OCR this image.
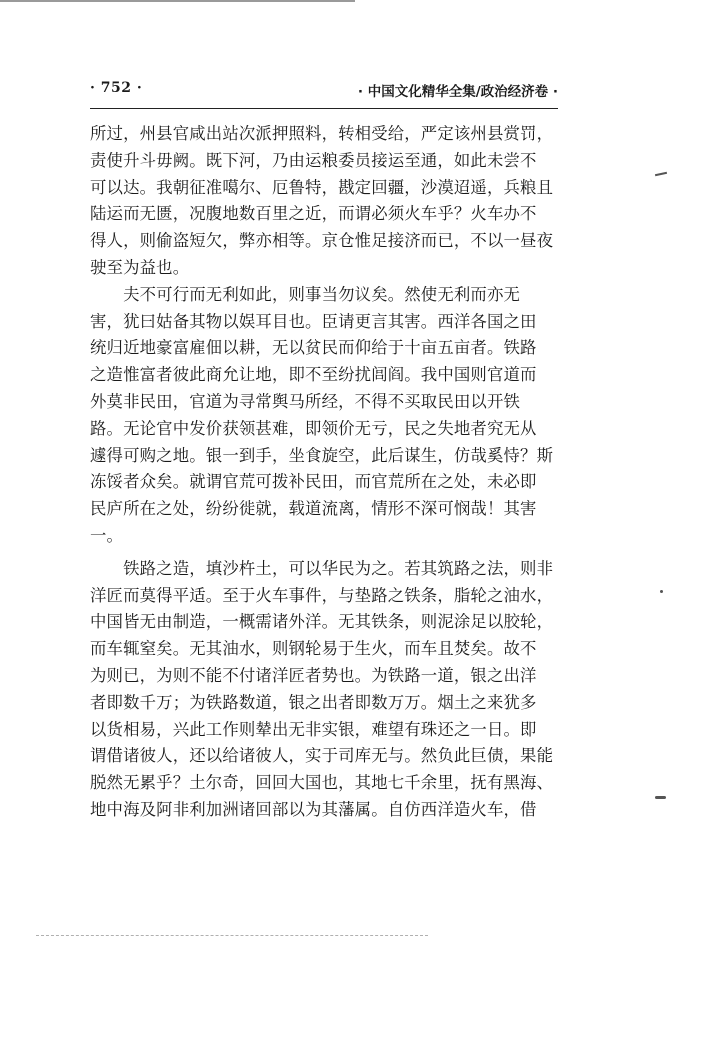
· 752 ·	· 中国文化精华全集/政治经济卷 ·
所过，州县官咸出站次派押照料，转相受给，严定该州县赏罚，
责使升斗毋阙。既下河，乃由运粮委员接运至通，如此未尝不
可以达。我朝征准噶尔、厄鲁特，戡定回疆，沙漠迢遥，兵粮且
陆运而无匮，况腹地数百里之近，而谓必须火车乎？火车办不
得人，则偷盗短欠，弊亦相等。京仓惟足接济而已，不以一昼夜
驶至为益也。
　　夫不可行而无利如此，则事当勿议矣。然使无利而亦无
害，犹曰姑备其物以娱耳目也。臣请更言其害。西洋各国之田
统归近地豪富雇佃以耕，无以贫民而仰给于十亩五亩者。铁路
之造惟富者彼此商允让地，即不至纷扰闾阎。我中国则官道而
外莫非民田，官道为寻常舆马所经，不得不买取民田以开铁
路。无论官中发价获领甚难，即领价无亏，民之失地者究无从
遽得可购之地。银一到手，坐食旋空，此后谋生，仿哉奚恃？斯
冻馁者众矣。就谓官荒可拨补民田，而官荒所在之处，未必即
民庐所在之处，纷纷徙就，载道流离，情形不深可悯哉！其害
一。
　　铁路之造，填沙杵土，可以华民为之。若其筑路之法，则非
洋匠而莫得平适。至于火车事件，与垫路之铁条，脂轮之油水，
中国皆无由制造，一概需诸外洋。无其铁条，则泥涂足以胶轮，
而车辄窒矣。无其油水，则钢轮易于生火，而车且焚矣。故不
为则已，为则不能不付诸洋匠者势也。为铁路一道，银之出洋
者即数千万；为铁路数道，银之出者即数万万。烟土之来犹多
以货相易，兴此工作则辇出无非实银，难望有珠还之一日。即
谓借诸彼人，还以给诸彼人，实于司库无与。然负此巨债，果能
脱然无累乎？土尔奇，回回大国也，其地七千余里，抚有黑海、
地中海及阿非利加洲诸回部以为其藩属。自仿西洋造火车，借
